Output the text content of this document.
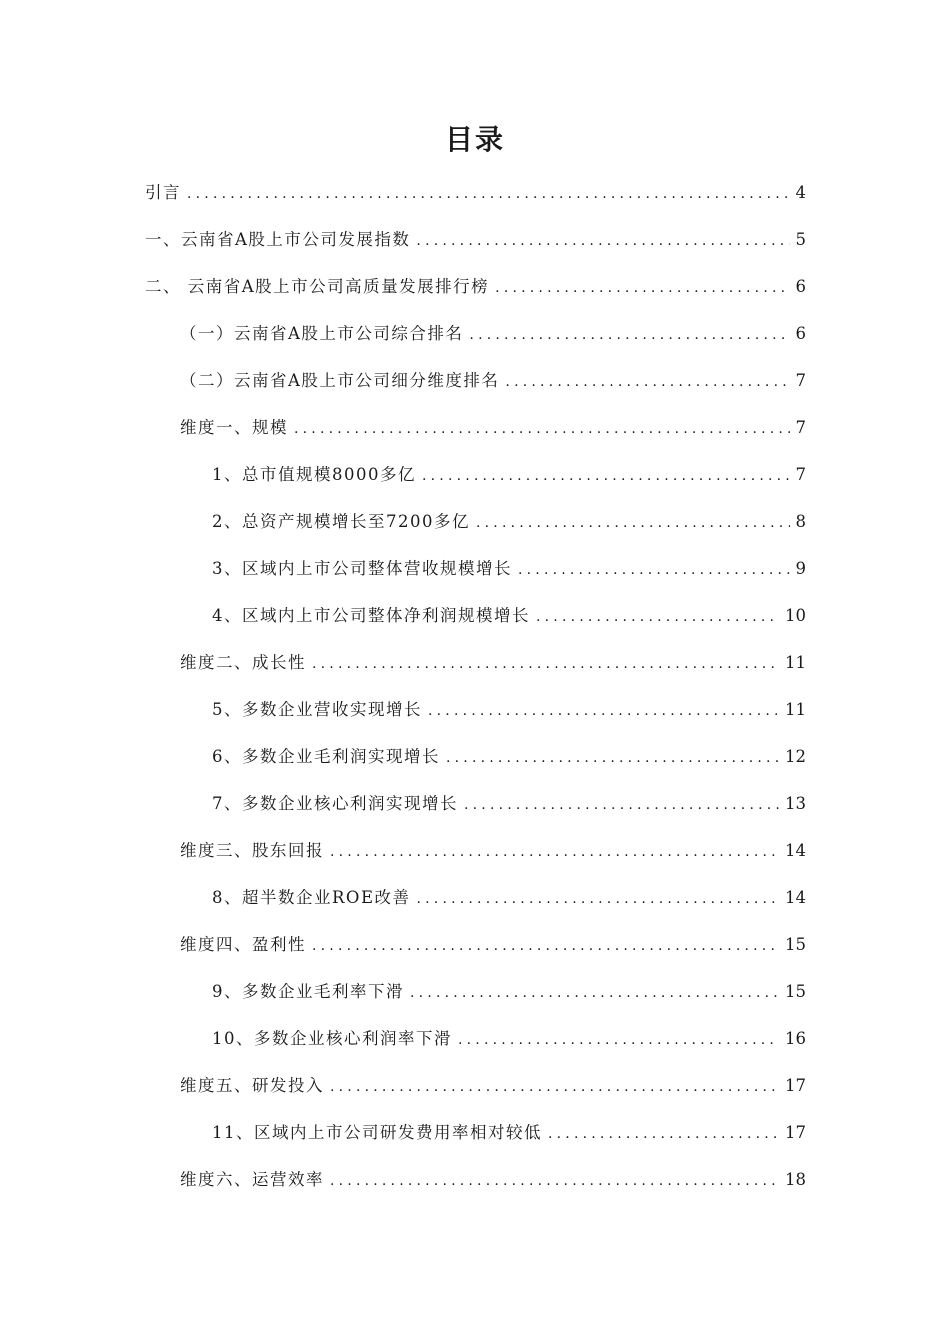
目录
引言 .....	4
一、云南省A股上市公司发展指数 .....	5
二、 云南省A股上市公司高质量发展排行榜 .....	6
（一）云南省A股上市公司综合排名 .....	6
（二）云南省A股上市公司细分维度排名 .....	7
维度一、规模 .....	7
1、总市值规模8000多亿 .....	7
2、总资产规模增长至7200多亿 .....	8
3、区域内上市公司整体营收规模增长 .....	9
4、区域内上市公司整体净利润规模增长 .....	10
维度二、成长性 .....	11
5、多数企业营收实现增长 .....	11
6、多数企业毛利润实现增长 .....	12
7、多数企业核心利润实现增长 .....	13
维度三、股东回报 .....	14
8、超半数企业ROE改善 .....	14
维度四、盈利性 .....	15
9、多数企业毛利率下滑 .....	15
10、多数企业核心利润率下滑 .....	16
维度五、研发投入 .....	17
11、区域内上市公司研发费用率相对较低 .....	17
维度六、运营效率 .....	18
